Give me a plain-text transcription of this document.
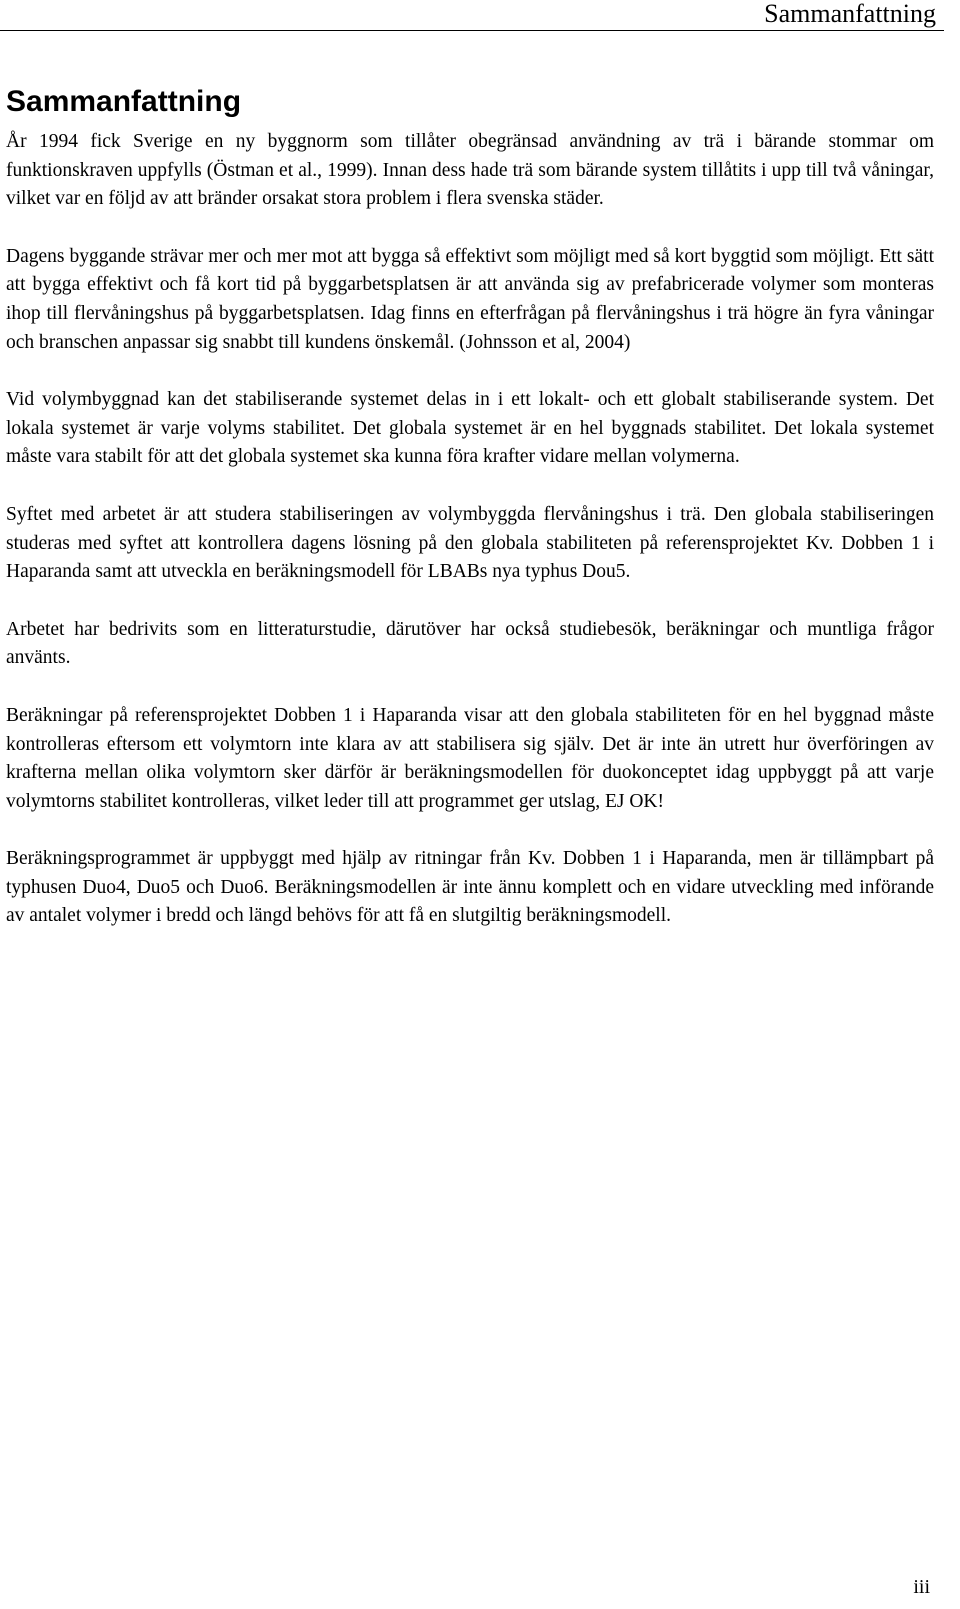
Sammanfattning
Sammanfattning

År 1994 fick Sverige en ny byggnorm som tillåter obegränsad användning av trä i bärande stommar om funktionskraven uppfylls (Östman et al., 1999). Innan dess hade trä som bärande system tillåtits i upp till två våningar, vilket var en följd av att bränder orsakat stora problem i flera svenska städer.

Dagens byggande strävar mer och mer mot att bygga så effektivt som möjligt med så kort byggtid som möjligt. Ett sätt att bygga effektivt och få kort tid på byggarbetsplatsen är att använda sig av prefabricerade volymer som monteras ihop till flervåningshus på byggarbetsplatsen. Idag finns en efterfrågan på flervåningshus i trä högre än fyra våningar och branschen anpassar sig snabbt till kundens önskemål. (Johnsson et al, 2004)

Vid volymbyggnad kan det stabiliserande systemet delas in i ett lokalt- och ett globalt stabiliserande system. Det lokala systemet är varje volyms stabilitet. Det globala systemet är en hel byggnads stabilitet. Det lokala systemet måste vara stabilt för att det globala systemet ska kunna föra krafter vidare mellan volymerna.

Syftet med arbetet är att studera stabiliseringen av volymbyggda flervåningshus i trä. Den globala stabiliseringen studeras med syftet att kontrollera dagens lösning på den globala stabiliteten på referensprojektet Kv. Dobben 1 i Haparanda samt att utveckla en beräkningsmodell för LBABs nya typhus Dou5.

Arbetet har bedrivits som en litteraturstudie, därutöver har också studiebesök, beräkningar och muntliga frågor använts.

Beräkningar på referensprojektet Dobben 1 i Haparanda visar att den globala stabiliteten för en hel byggnad måste kontrolleras eftersom ett volymtorn inte klara av att stabilisera sig själv. Det är inte än utrett hur överföringen av krafterna mellan olika volymtorn sker därför är beräkningsmodellen för duokonceptet idag uppbyggt på att varje volymtorns stabilitet kontrolleras, vilket leder till att programmet ger utslag, EJ OK!

Beräkningsprogrammet är uppbyggt med hjälp av ritningar från Kv. Dobben 1 i Haparanda, men är tillämpbart på typhusen Duo4, Duo5 och Duo6. Beräkningsmodellen är inte ännu komplett och en vidare utveckling med införande av antalet volymer i bredd och längd behövs för att få en slutgiltig beräkningsmodell.

iii
